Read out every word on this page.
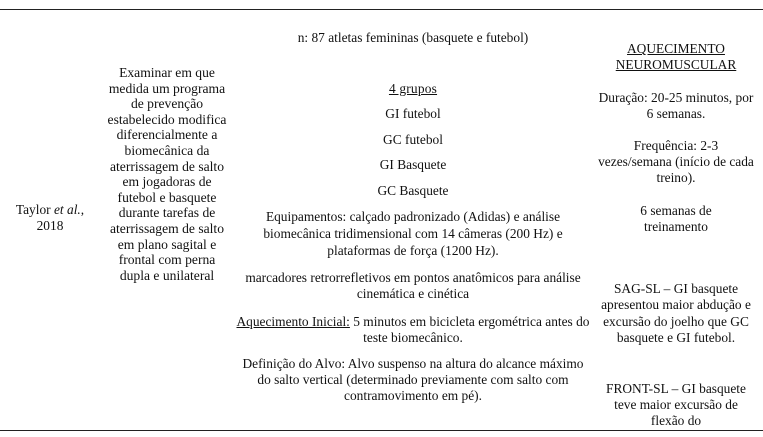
Taylor et al.,

2018

Examinar em que medida um programa de prevenção estabelecido modifica diferencialmente a biomecânica da aterrissagem de salto em jogadoras de futebol e basquete durante tarefas de aterrissagem de salto em plano sagital e frontal com perna dupla e unilateral

n: 87 atletas femininas (basquete e futebol)

4 grupos

GI futebol

GC futebol

GI Basquete

GC Basquete

Equipamentos: calçado padronizado (Adidas) e análise biomecânica tridimensional com 14 câmeras (200 Hz) e plataformas de força (1200 Hz).

marcadores retrorrefletivos em pontos anatômicos para análise cinemática e cinética

Aquecimento Inicial: 5 minutos em bicicleta ergométrica antes do teste biomecânico.

Definição do Alvo: Alvo suspenso na altura do alcance máximo do salto vertical (determinado previamente com salto com contramovimento em pé).

AQUECIMENTO NEUROMUSCULAR

Duração: 20-25 minutos, por 6 semanas.

Frequência: 2-3 vezes/semana (início de cada treino).

6 semanas de treinamento

SAG-SL – GI basquete apresentou maior abdução e excursão do joelho que GC basquete e GI futebol.

FRONT-SL – GI basquete teve maior excursão de flexão do
